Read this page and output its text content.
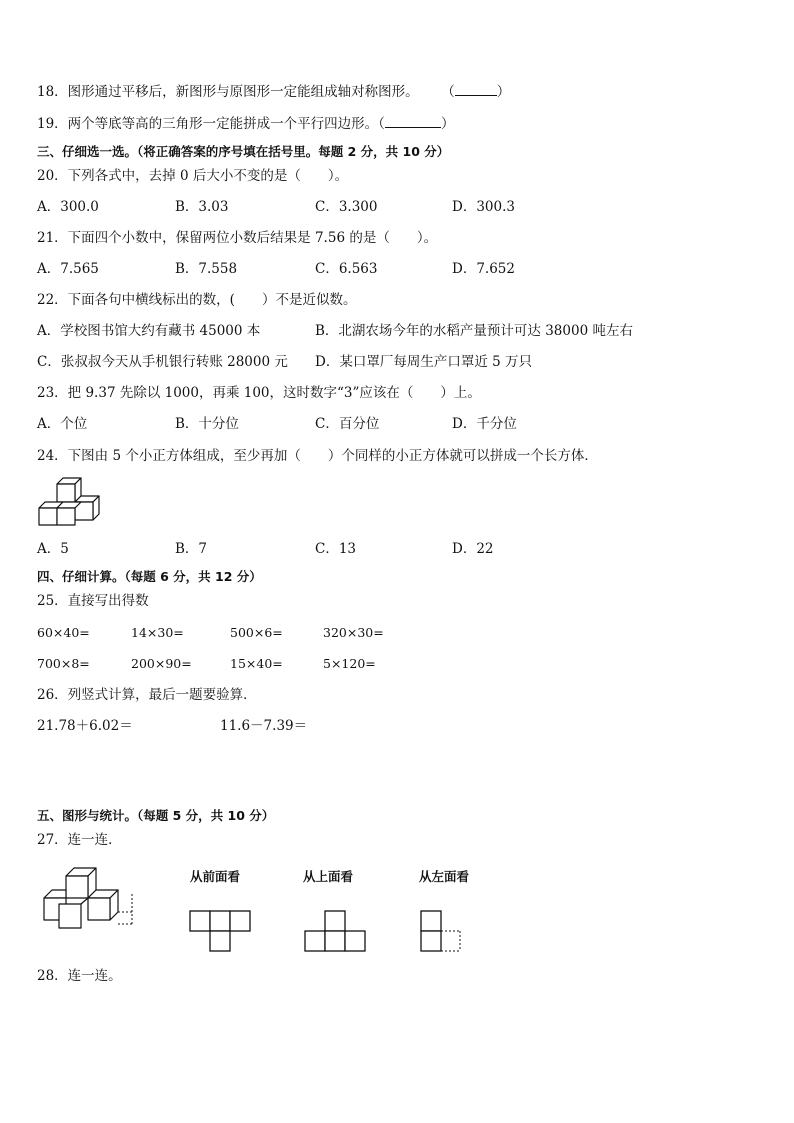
18．图形通过平移后，新图形与原图形一定能组成轴对称图形。 （	）
19．两个等底等高的三角形一定能拼成一个平行四边形。（	）
三、仔细选一选。（将正确答案的序号填在括号里。每题 2 分，共 10 分）
20．下列各式中，去掉 0 后大小不变的是（　　）。
A．300.0	B．3.03	C．3.300	D．300.3
21．下面四个小数中，保留两位小数后结果是 7.56 的是（　　）。
A．7.565	B．7.558	C．6.563	D．7.652
22．下面各句中横线标出的数，(　　）不是近似数。
A．学校图书馆大约有藏书 45000 本	B．北湖农场今年的水稻产量预计可达 38000 吨左右
C．张叔叔今天从手机银行转账 28000 元 D．某口罩厂每周生产口罩近 5 万只
23．把 9.37 先除以 1000，再乘 100，这时数字“3”应该在（　　）上。
A．个位	B．十分位	C．百分位	D．千分位
24．下图由 5 个小正方体组成，至少再加（　　）个同样的小正方体就可以拼成一个长方体．
A．5	B．7	C．13	D．22
四、仔细计算。（每题 6 分，共 12 分）
25．直接写出得数
60×40=	14×30=	500×6=	320×30=
700×8=	200×90=	15×40=	5×120=
26．列竖式计算，最后一题要验算．
21.78＋6.02＝	11.6－7.39＝
五、图形与统计。（每题 5 分，共 10 分）
27．连一连．
从前面看	从上面看	从左面看
28．连一连。
